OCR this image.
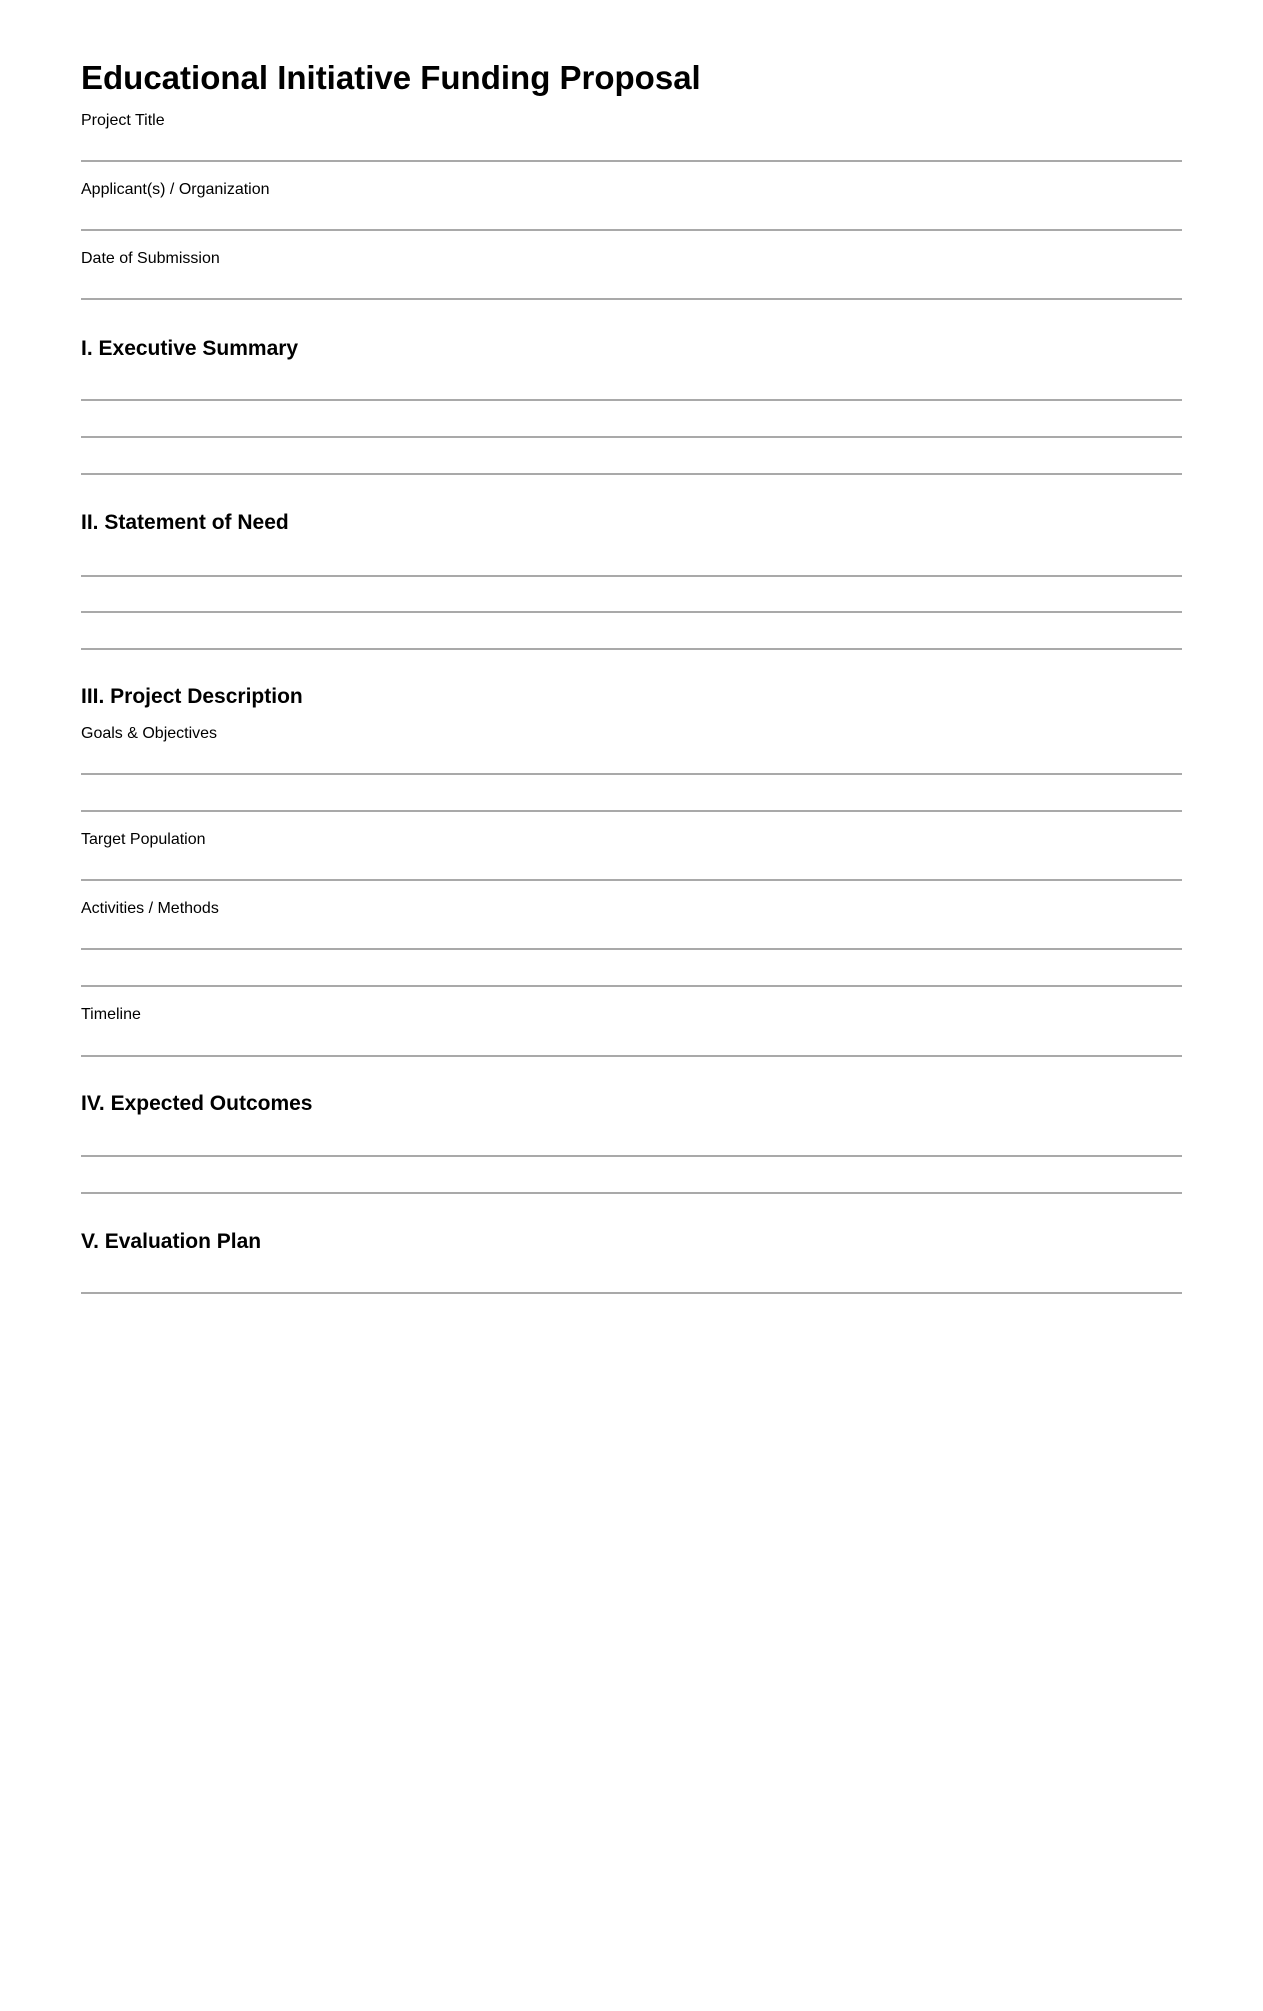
Educational Initiative Funding Proposal
Project Title
Applicant(s) / Organization
Date of Submission
I. Executive Summary
II. Statement of Need
III. Project Description
Goals & Objectives
Target Population
Activities / Methods
Timeline
IV. Expected Outcomes
V. Evaluation Plan
